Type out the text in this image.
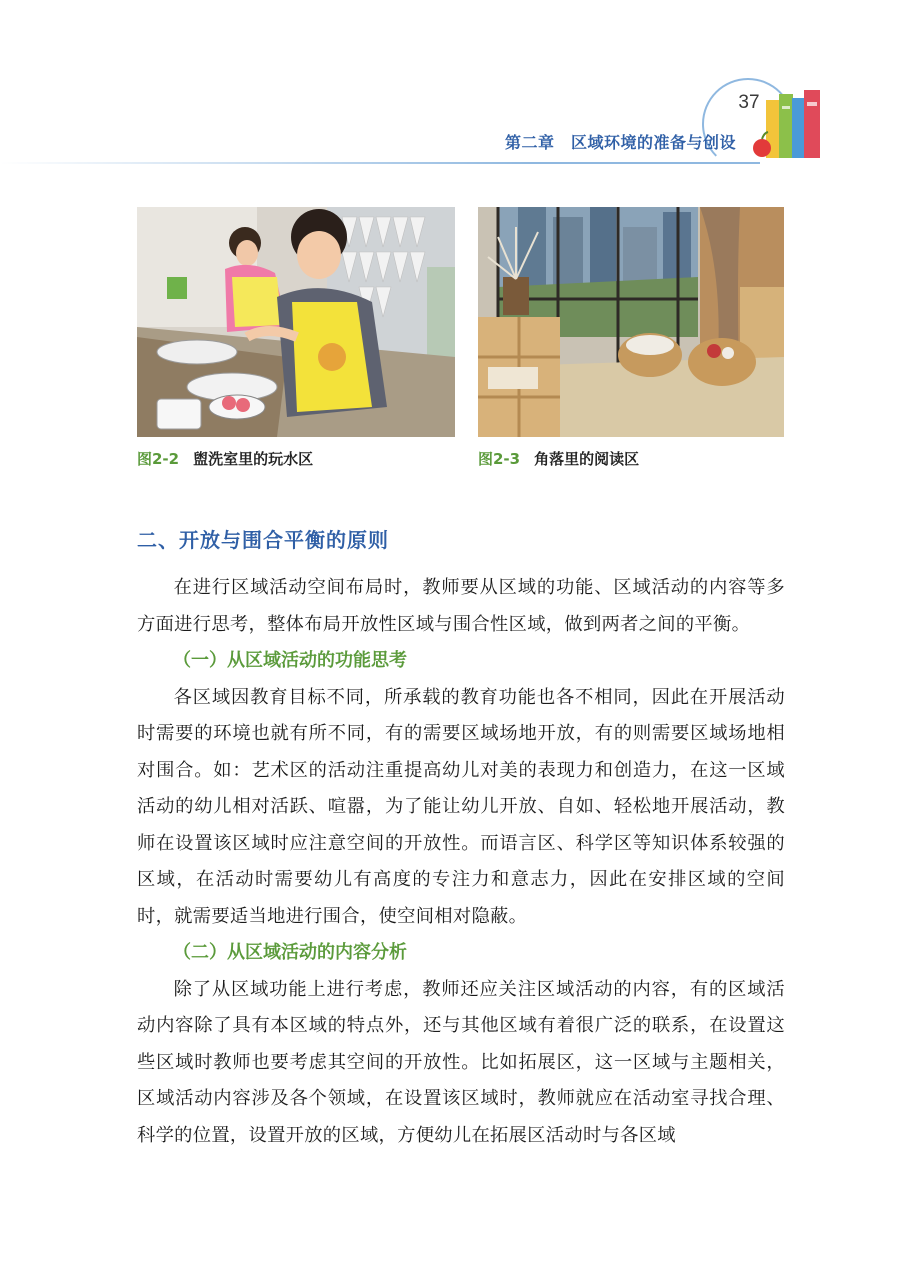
37
第二章　区域环境的准备与创设
图2-2 盥洗室里的玩水区	图2-3 角落里的阅读区
二、开放与围合平衡的原则

在进行区域活动空间布局时，教师要从区域的功能、区域活动的内容等多方面进行思考，整体布局开放性区域与围合性区域，做到两者之间的平衡。

（一）从区域活动的功能思考

各区域因教育目标不同，所承载的教育功能也各不相同，因此在开展活动时需要的环境也就有所不同，有的需要区域场地开放，有的则需要区域场地相对围合。如：艺术区的活动注重提高幼儿对美的表现力和创造力，在这一区域活动的幼儿相对活跃、喧嚣，为了能让幼儿开放、自如、轻松地开展活动，教师在设置该区域时应注意空间的开放性。而语言区、科学区等知识体系较强的区域，在活动时需要幼儿有高度的专注力和意志力，因此在安排区域的空间时，就需要适当地进行围合，使空间相对隐蔽。

（二）从区域活动的内容分析

除了从区域功能上进行考虑，教师还应关注区域活动的内容，有的区域活动内容除了具有本区域的特点外，还与其他区域有着很广泛的联系，在设置这些区域时教师也要考虑其空间的开放性。比如拓展区，这一区域与主题相关，区域活动内容涉及各个领域，在设置该区域时，教师就应在活动室寻找合理、科学的位置，设置开放的区域，方便幼儿在拓展区活动时与各区域
